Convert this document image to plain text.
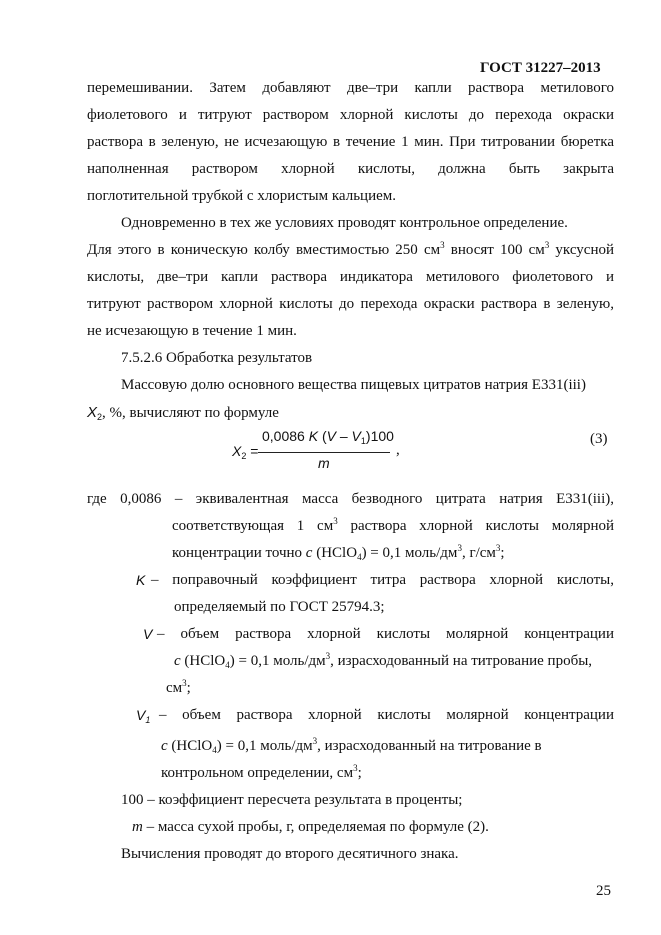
ГОСТ 31227–2013
перемешивании. Затем добавляют две–три капли раствора метилового
фиолетового и титруют раствором хлорной кислоты до перехода окраски
раствора в зеленую, не исчезающую в течение 1 мин. При титровании бюретка
наполненная раствором хлорной кислоты, должна быть закрыта
поглотительной трубкой с хлористым кальцием.
Одновременно в тех же условиях проводят контрольное определение.
Для этого в коническую колбу вместимостью 250 $см^3$ вносят 100 $см^3$ уксусной
кислоты, две–три капли раствора индикатора метилового фиолетового и
титруют раствором хлорной кислоты до перехода окраски раствора в зеленую,
не исчезающую в течение 1 мин.
7.5.2.6 Обработка результатов
Массовую долю основного вещества пищевых цитратов натрия Е331(iii)
$X_2$, %, вычисляют по формуле
$X_2$ =
0,0086 K $(V - V_1)100$
m
,
(3)
где 0,0086 – эквивалентная масса безводного цитрата натрия Е331(iii),
соответствующая 1 $см^3$ раствора хлорной кислоты молярной
концентрации точно c (HClO$_4$) = 0,1 моль/$дм^3$, $г/см^3$;
K – поправочный коэффициент титра раствора хлорной кислоты,
определяемый по ГОСТ 25794.3;
V – объем раствора хлорной кислоты молярной концентрации
c (HClO$_4$) = 0,1 моль/$дм^3$, израсходованный на титрование пробы,
$см^3$;
$V_1$ – объем раствора хлорной кислоты молярной концентрации
c (HClO$_4$) = 0,1 моль/$дм^3$, израсходованный на титрование в
контрольном определении, $см^3$;
100 – коэффициент пересчета результата в проценты;
m – масса сухой пробы, г, определяемая по формуле (2).
Вычисления проводят до второго десятичного знака.
25
